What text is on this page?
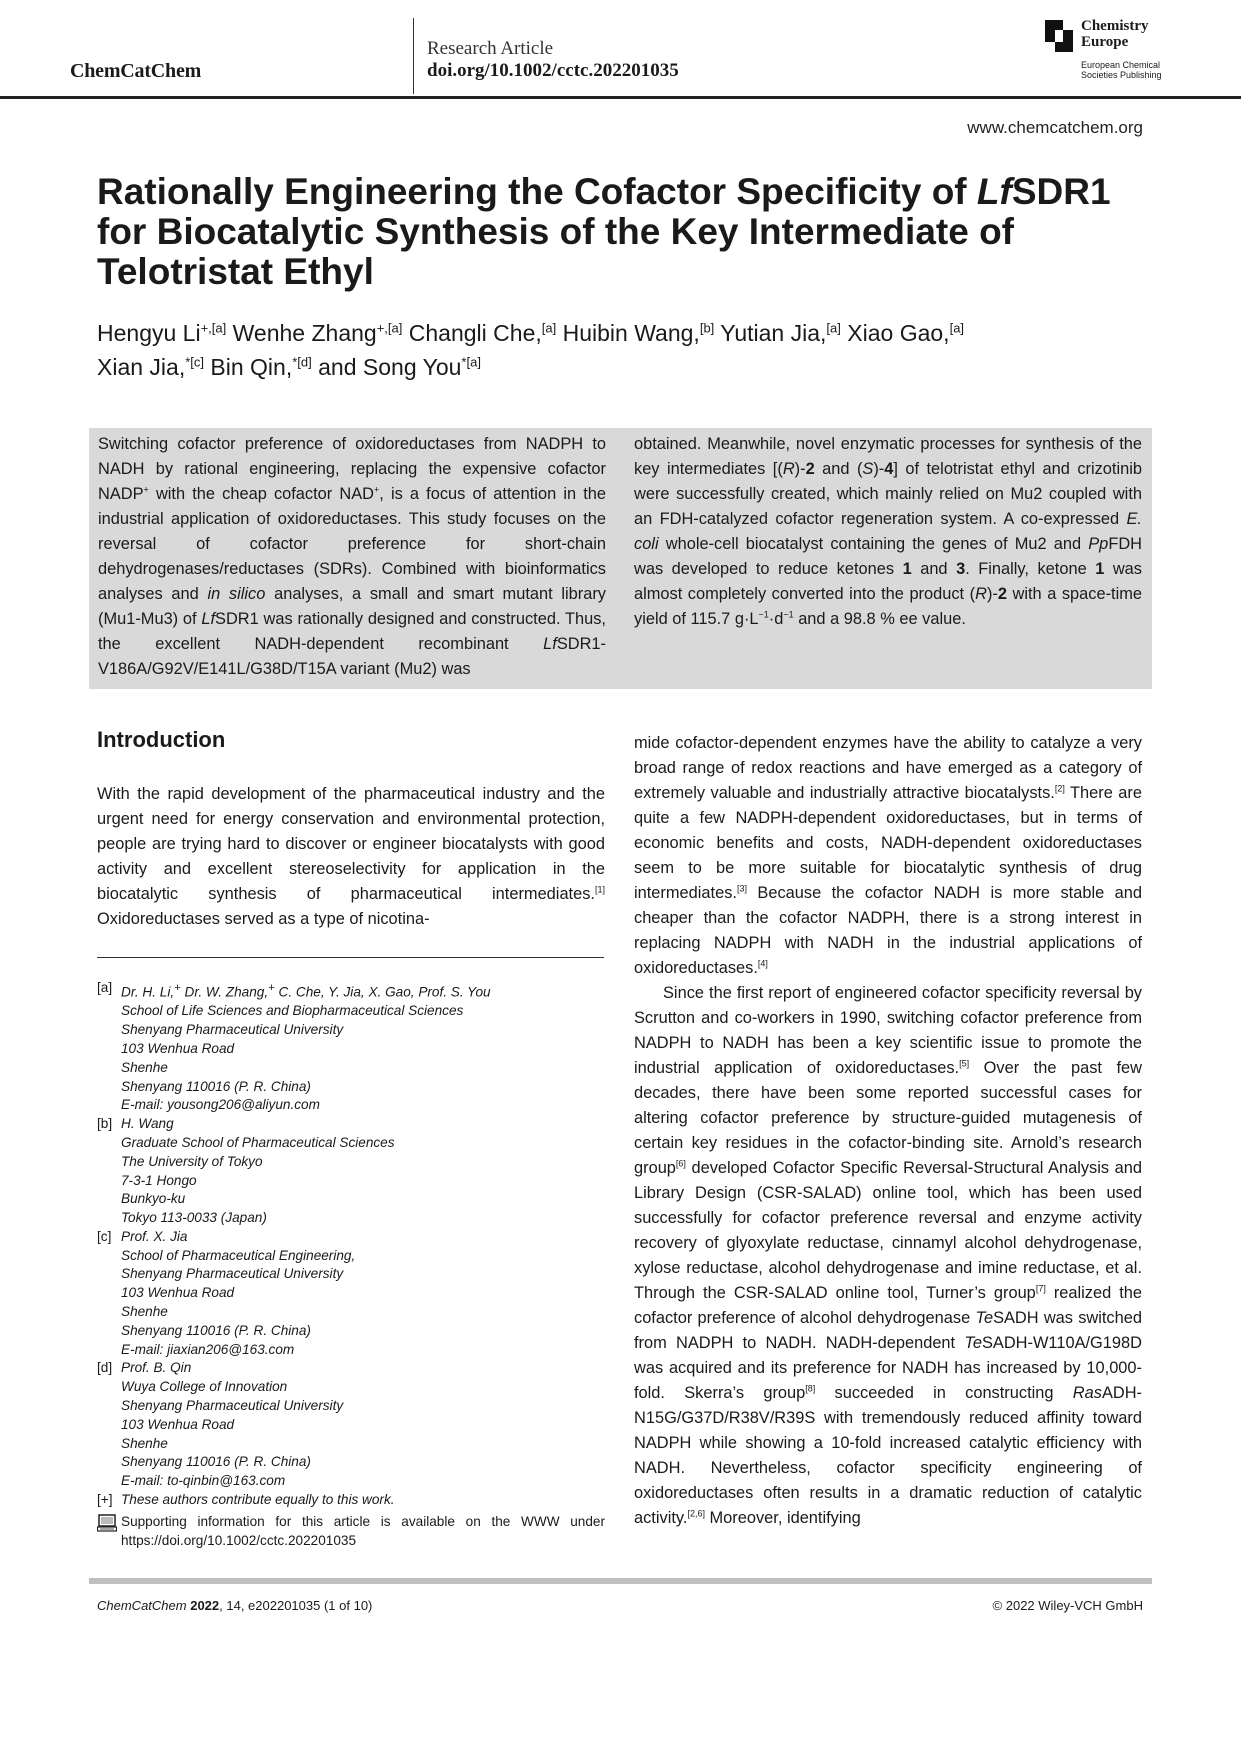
ChemCatChem
Research Article
doi.org/10.1002/cctc.202201035
Chemistry
Europe
European Chemical
Societies Publishing
www.chemcatchem.org
Rationally Engineering the Cofactor Specificity of LfSDR1 for Biocatalytic Synthesis of the Key Intermediate of Telotristat Ethyl
Hengyu $Li^{+,[a]}$ Wenhe Zhang$^{+,[a]}$ Changli Che,[a] Huibin Wang,[b] Yutian Jia,[a] Xiao Gao,[a]
Xian Jia,$^{*[c]}$ Bin Qin,$^{*[d]}$ and Song You$^{*[a]}$
Switching cofactor preference of oxidoreductases from NADPH to NADH by rational engineering, replacing the expensive cofactor NADP+ with the cheap cofactor NAD+, is a focus of attention in the industrial application of oxidoreductases. This study focuses on the reversal of cofactor preference for short-chain dehydrogenases/reductases (SDRs). Combined with bioinformatics analyses and in silico analyses, a small and smart mutant library (Mu1-Mu3) of LfSDR1 was rationally designed and constructed. Thus, the excellent NADH-dependent recombinant LfSDR1-V186A/G92V/E141L/G38D/T15A variant (Mu2) was
obtained. Meanwhile, novel enzymatic processes for synthesis of the key intermediates [(R)-2 and (S)-4] of telotristat ethyl and crizotinib were successfully created, which mainly relied on Mu2 coupled with an FDH-catalyzed cofactor regeneration system. A co-expressed E. coli whole-cell biocatalyst containing the genes of Mu2 and PpFDH was developed to reduce ketones 1 and 3. Finally, ketone 1 was almost completely converted into the product (R)-2 with a space-time yield of 115.7 $g\cdot L^{-1}\cdot d^{-1}$ and a 98.8 % ee value.
Introduction

With the rapid development of the pharmaceutical industry and the urgent need for energy conservation and environmental protection, people are trying hard to discover or engineer biocatalysts with good activity and excellent stereoselectivity for application in the biocatalytic synthesis of pharmaceutical intermediates.[1] Oxidoreductases served as a type of nicotina-

mide cofactor-dependent enzymes have the ability to catalyze a very broad range of redox reactions and have emerged as a category of extremely valuable and industrially attractive biocatalysts.[2] There are quite a few NADPH-dependent oxidoreductases, but in terms of economic benefits and costs, NADH-dependent oxidoreductases seem to be more suitable for biocatalytic synthesis of drug intermediates.[3] Because the cofactor NADH is more stable and cheaper than the cofactor NADPH, there is a strong interest in replacing NADPH with NADH in the industrial applications of oxidoreductases.[4]

Since the first report of engineered cofactor specificity reversal by Scrutton and co-workers in 1990, switching cofactor preference from NADPH to NADH has been a key scientific issue to promote the industrial application of oxidoreductases.[5] Over the past few decades, there have been some reported successful cases for altering cofactor preference by structure-guided mutagenesis of certain key residues in the cofactor-binding site. Arnold’s research group[6] developed Cofactor Specific Reversal-Structural Analysis and Library Design (CSR-SALAD) online tool, which has been used successfully for cofactor preference reversal and enzyme activity recovery of glyoxylate reductase, cinnamyl alcohol dehydrogenase, xylose reductase, alcohol dehydrogenase and imine reductase, et al. Through the CSR-SALAD online tool, Turner’s group[7] realized the cofactor preference of alcohol dehydrogenase TeSADH was switched from NADPH to NADH. NADH-dependent TeSADH-W110A/G198D was acquired and its preference for NADH has increased by 10,000-fold. Skerra’s group[8] succeeded in constructing RasADH-N15G/G37D/R38V/R39S with tremendously reduced affinity toward NADPH while showing a 10-fold increased catalytic efficiency with NADH. Nevertheless, cofactor specificity engineering of oxidoreductases often results in a dramatic reduction of catalytic activity.[2,6] Moreover, identifying

[a] Dr. H. Li,+ Dr. W. Zhang,+ C. Che, Y. Jia, X. Gao, Prof. S. You
School of Life Sciences and Biopharmaceutical Sciences
Shenyang Pharmaceutical University
103 Wenhua Road
Shenhe
Shenyang 110016 (P. R. China)
E-mail: yousong206@aliyun.com
[b] H. Wang
Graduate School of Pharmaceutical Sciences
The University of Tokyo
7-3-1 Hongo
Bunkyo-ku
Tokyo 113-0033 (Japan)
[c] Prof. X. Jia
School of Pharmaceutical Engineering,
Shenyang Pharmaceutical University
103 Wenhua Road
Shenhe
Shenyang 110016 (P. R. China)
E-mail: jiaxian206@163.com
[d] Prof. B. Qin
Wuya College of Innovation
Shenyang Pharmaceutical University
103 Wenhua Road
Shenhe
Shenyang 110016 (P. R. China)
E-mail: to-qinbin@163.com
[+] These authors contribute equally to this work.
Supporting information for this article is available on the WWW under https://doi.org/10.1002/cctc.202201035
ChemCatChem 2022, 14, e202201035 (1 of 10)	© 2022 Wiley-VCH GmbH
